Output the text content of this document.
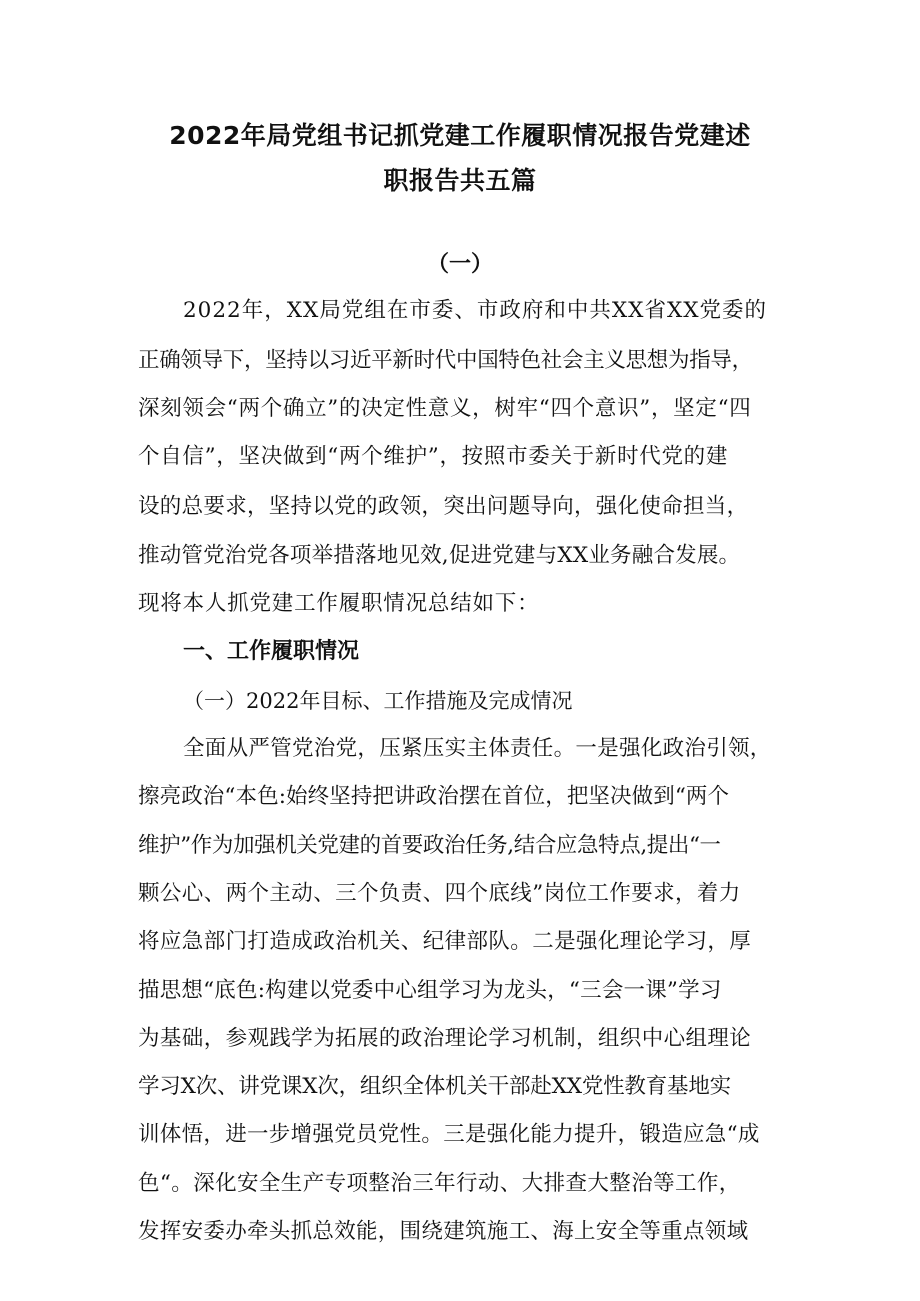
2022年局党组书记抓党建工作履职情况报告党建述
职报告共五篇
（一）
2022年，XX局党组在市委、市政府和中共XX省XX党委的
正确领导下，坚持以习近平新时代中国特色社会主义思想为指导，
深刻领会“两个确立”的决定性意义，树牢“四个意识”，坚定“四
个自信”，坚决做到“两个维护”，按照市委关于新时代党的建
设的总要求，坚持以党的政领，突出问题导向，强化使命担当，
推动管党治党各项举措落地见效,促进党建与XX业务融合发展。
现将本人抓党建工作履职情况总结如下：
一、工作履职情况
（一）2022年目标、工作措施及完成情况
全面从严管党治党，压紧压实主体责任。一是强化政治引领，
擦亮政治“本色:始终坚持把讲政治摆在首位，把坚决做到“两个
维护”作为加强机关党建的首要政治任务,结合应急特点,提出“一
颗公心、两个主动、三个负责、四个底线”岗位工作要求，着力
将应急部门打造成政治机关、纪律部队。二是强化理论学习，厚
描思想“底色:构建以党委中心组学习为龙头，“三会一课”学习
为基础，参观践学为拓展的政治理论学习机制，组织中心组理论
学习X次、讲党课X次，组织全体机关干部赴XX党性教育基地实
训体悟，进一步增强党员党性。三是强化能力提升，锻造应急“成
色“。深化安全生产专项整治三年行动、大排查大整治等工作，
发挥安委办牵头抓总效能，围绕建筑施工、海上安全等重点领域
